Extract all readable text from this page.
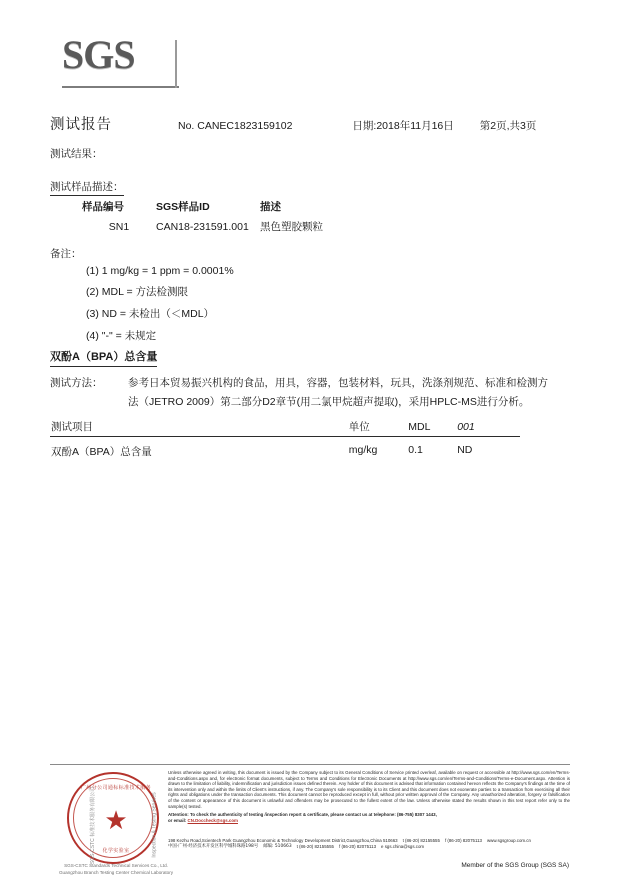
SGS
测试报告	No. CANEC1823159102	日期:2018年11月16日 第2页,共3页
测试结果：
测试样品描述：
样品编号	SGS样品ID	描述
SN1	CAN18-231591.001	黑色塑胶颗粒
备注：
(1) 1 mg/kg = 1 ppm = 0.0001%
(2) MDL = 方法检测限
(3) ND = 未检出（＜MDL）
(4) "-" = 未规定
双酚A（BPA）总含量
测试方法： 参考日本贸易振兴机构的食品，用具，容器，包装材料，玩具，洗涤剂规范、标准和检测方
法（JETRO 2009）第二部分D2章节(用二氯甲烷超声提取)，采用HPLC-MS进行分析。
测试项目	单位	MDL	001
双酚A（BPA）总含量	mg/kg	0.1	ND
广州分公司通标标准技术服务
★
化学实验室
SGS-CSTC 标准技术服务有限公司	Inspection & Testing Services
SGS-CSTC Standards Technical Services Co., Ltd.
Guangzhou Branch Testing Center Chemical Laboratory
Unless otherwise agreed in writing, this document is issued by the Company subject to its General Conditions of Service printed overleaf, available on request or accessible at http://www.sgs.com/en/Terms-and-Conditions.aspx and, for electronic format documents, subject to Terms and Conditions for Electronic Documents at http://www.sgs.com/en/Terms-and-Conditions/Terms-e-Document.aspx. Attention is drawn to the limitation of liability, indemnification and jurisdiction issues defined therein. Any holder of this document is advised that information contained hereon reflects the Company's findings at the time of its intervention only and within the limits of Client's instructions, if any. The Company's sole responsibility is to its Client and this document does not exonerate parties to a transaction from exercising all their rights and obligations under the transaction documents. This document cannot be reproduced except in full, without prior written approval of the Company. Any unauthorized alteration, forgery or falsification of the content or appearance of this document is unlawful and offenders may be prosecuted to the fullest extent of the law. Unless otherwise stated the results shown in this test report refer only to the sample(s) tested.
Attention: To check the authenticity of testing /inspection report & certificate, please contact us at telephone: (86-755) 8307 1443,
or email: CN.Doccheck@sgs.com
198 Kezhu Road,Scientech Park Guangzhou Economic & Technology Development District,Guangzhou,China 510663 t (86-20) 82155555 f (86-20) 82075113 www.sgsgroup.com.cn
中国·广州·经济技术开发区科学城科珠路198号 邮编: 510663 t (86-20) 82155555 f (86-20) 82075113 e sgs.china@sgs.com
Member of the SGS Group (SGS SA)
